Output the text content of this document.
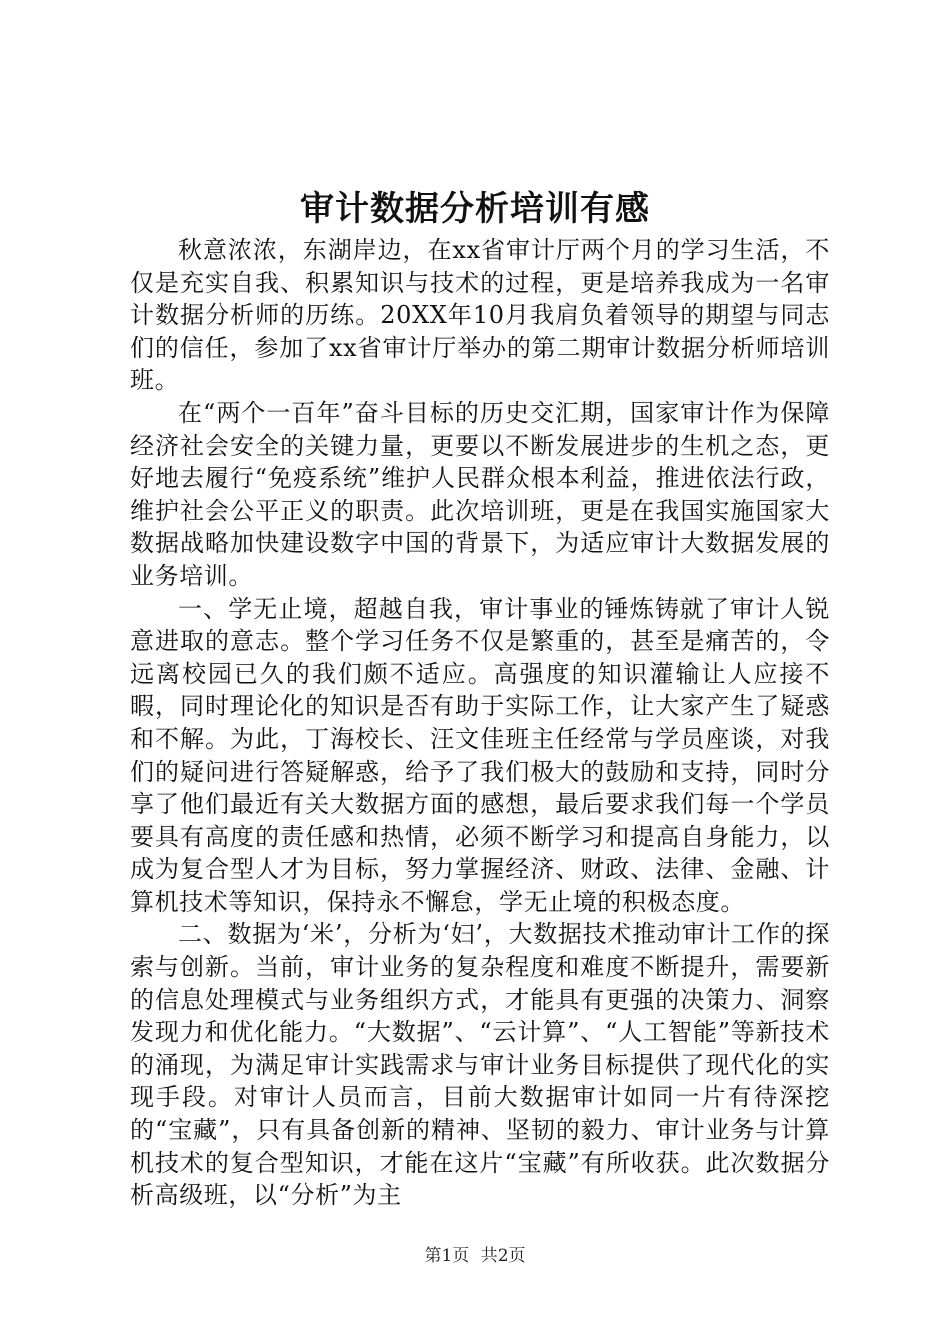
审计数据分析培训有感

秋意浓浓，东湖岸边，在xx省审计厅两个月的学习生活，不仅是充实自我、积累知识与技术的过程，更是培养我成为一名审计数据分析师的历练。20XX年10月我肩负着领导的期望与同志们的信任，参加了xx省审计厅举办的第二期审计数据分析师培训班。

在“两个一百年”奋斗目标的历史交汇期，国家审计作为保障经济社会安全的关键力量，更要以不断发展进步的生机之态，更好地去履行“免疫系统”维护人民群众根本利益，推进依法行政，维护社会公平正义的职责。此次培训班，更是在我国实施国家大数据战略加快建设数字中国的背景下，为适应审计大数据发展的业务培训。

一、学无止境，超越自我，审计事业的锤炼铸就了审计人锐意进取的意志。整个学习任务不仅是繁重的，甚至是痛苦的，令远离校园已久的我们颇不适应。高强度的知识灌输让人应接不暇，同时理论化的知识是否有助于实际工作，让大家产生了疑惑和不解。为此，丁海校长、汪文佳班主任经常与学员座谈，对我们的疑问进行答疑解惑，给予了我们极大的鼓励和支持，同时分享了他们最近有关大数据方面的感想，最后要求我们每一个学员要具有高度的责任感和热情，必须不断学习和提高自身能力，以成为复合型人才为目标，努力掌握经济、财政、法律、金融、计算机技术等知识，保持永不懈怠，学无止境的积极态度。

二、数据为‘米’，分析为‘妇’，大数据技术推动审计工作的探索与创新。当前，审计业务的复杂程度和难度不断提升，需要新的信息处理模式与业务组织方式，才能具有更强的决策力、洞察发现力和优化能力。“大数据”、“云计算”、“人工智能”等新技术的涌现，为满足审计实践需求与审计业务目标提供了现代化的实现手段。对审计人员而言，目前大数据审计如同一片有待深挖的“宝藏”，只有具备创新的精神、坚韧的毅力、审计业务与计算机技术的复合型知识，才能在这片“宝藏”有所收获。此次数据分析高级班，以“分析”为主

第1页 共2页
